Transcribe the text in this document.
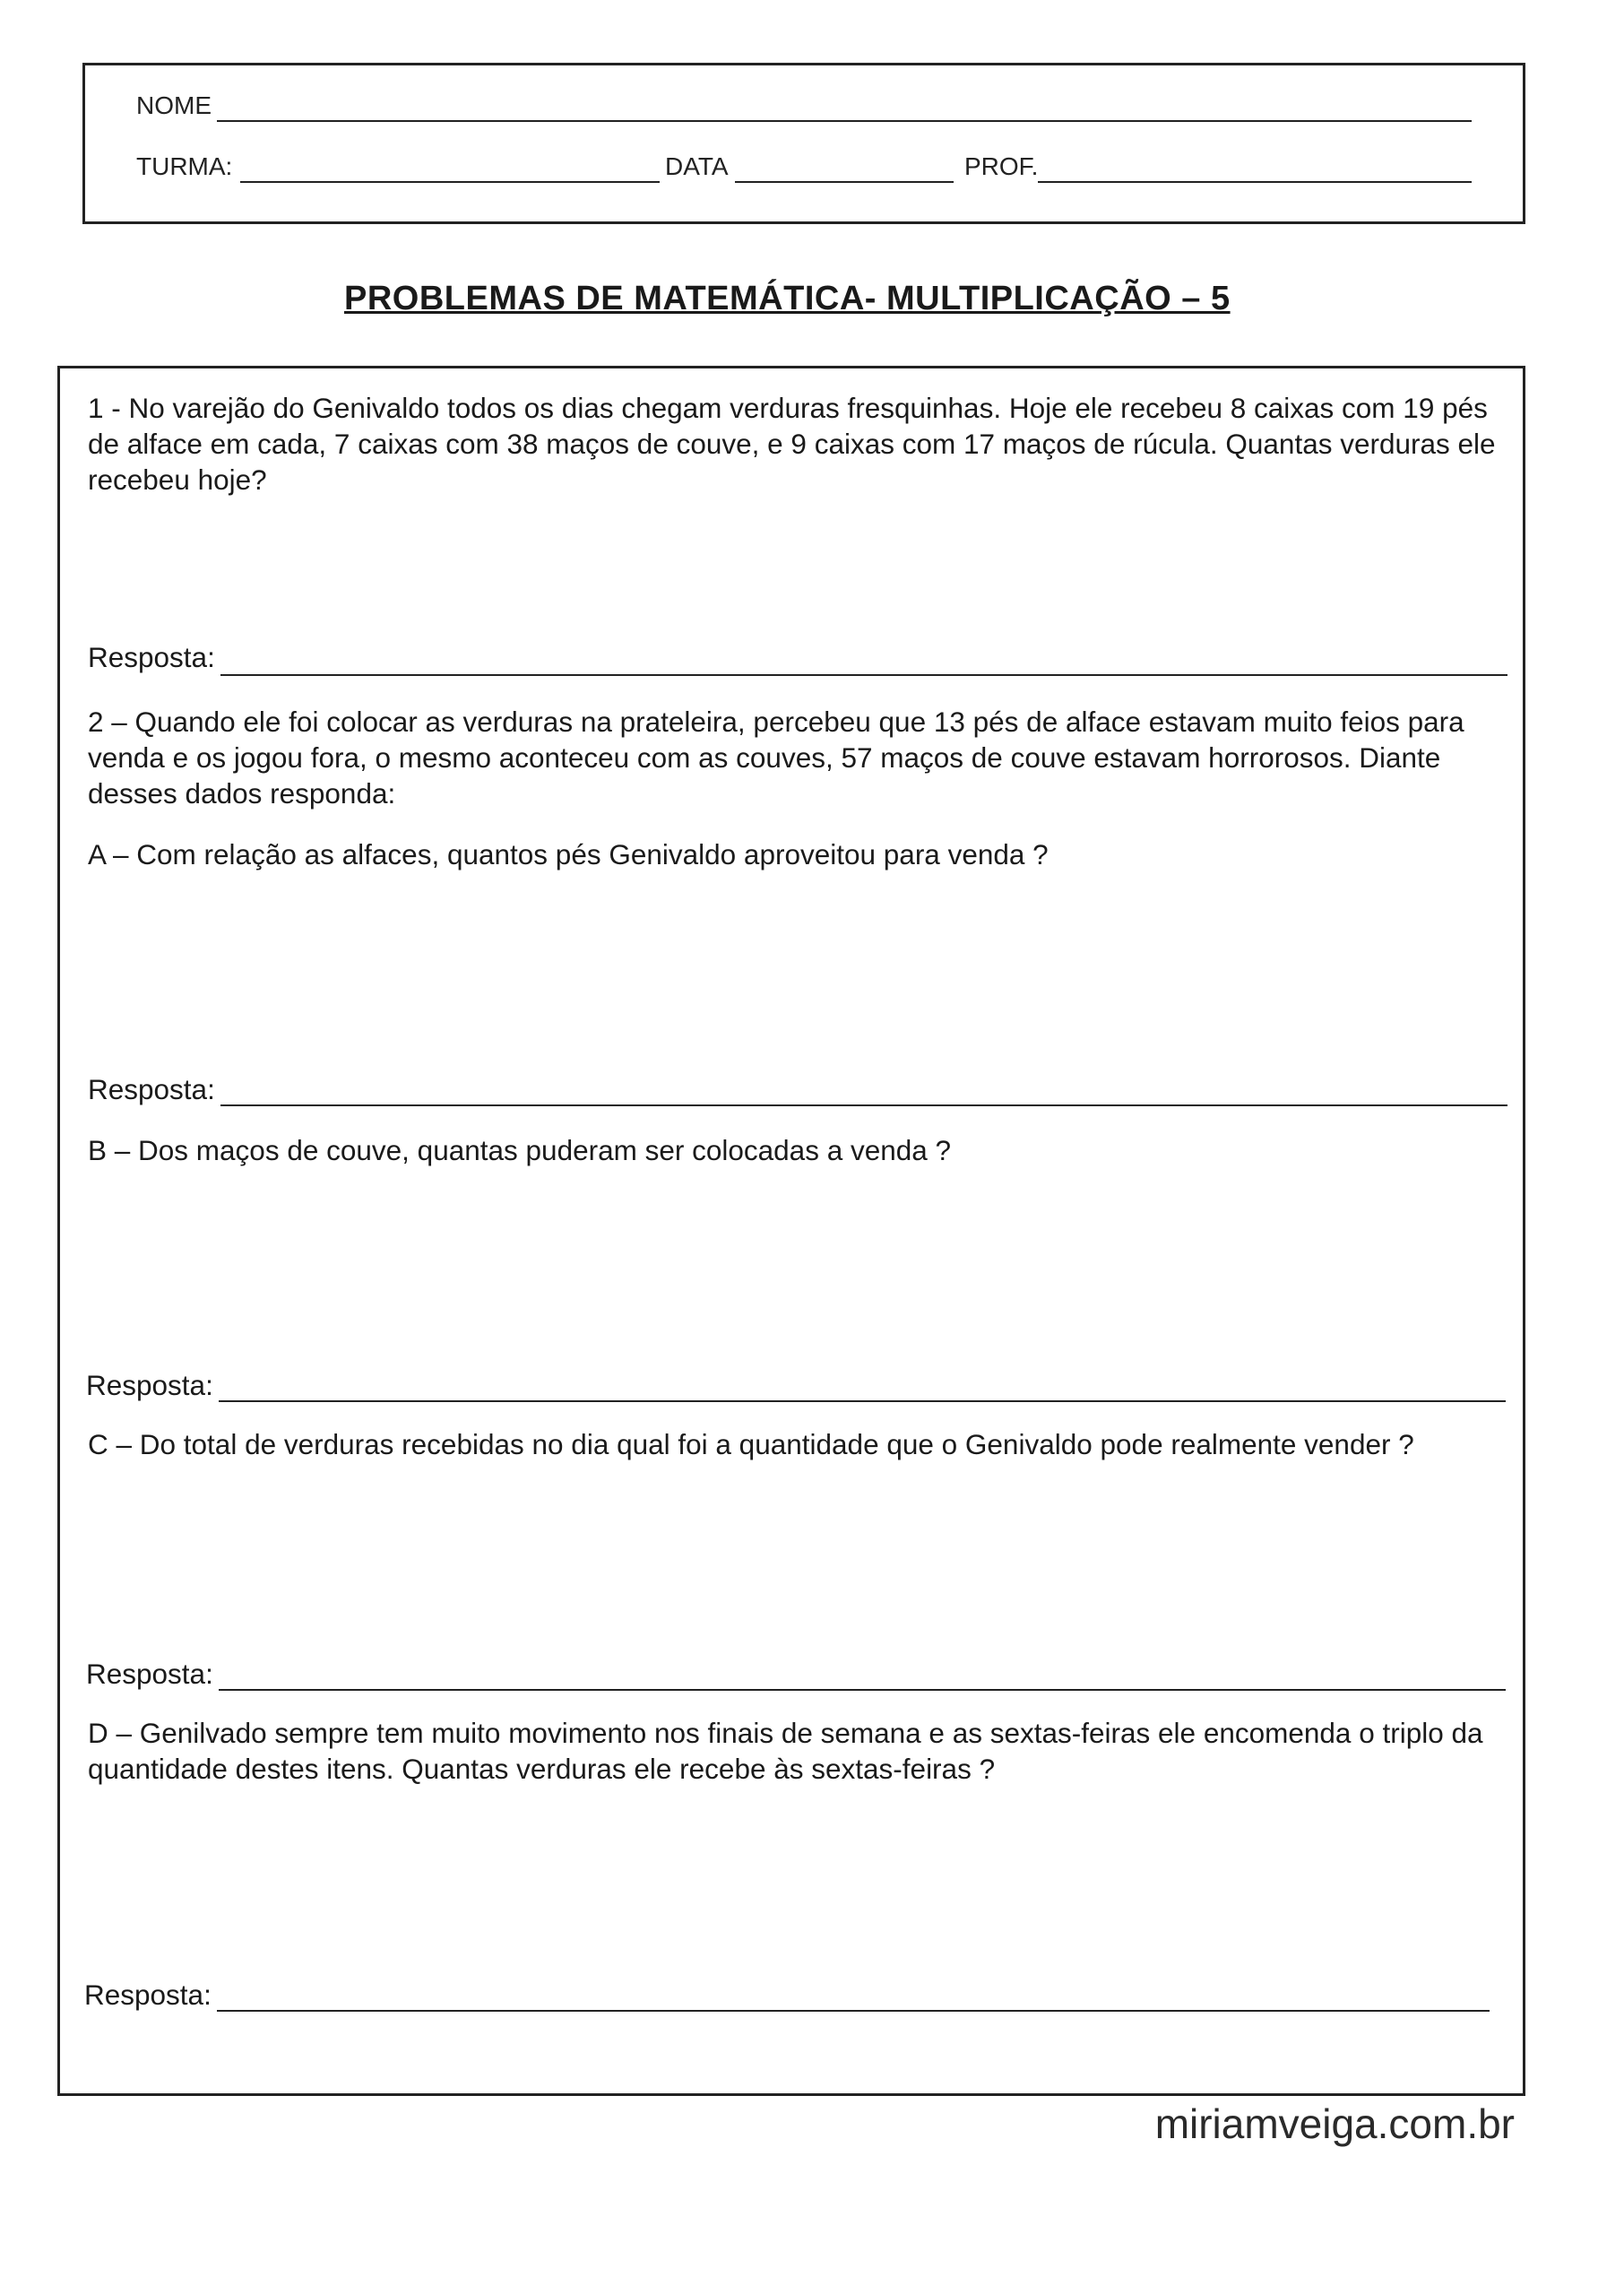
NOME
TURMA:	DATA	PROF.
PROBLEMAS DE MATEMÁTICA- MULTIPLICAÇÃO – 5
1 - No varejão do Genivaldo todos os dias chegam verduras fresquinhas. Hoje ele recebeu 8 caixas com 19 pés de alface em cada, 7 caixas com 38 maços de couve, e 9 caixas com 17 maços de rúcula. Quantas verduras ele recebeu hoje?
Resposta:
2 – Quando ele foi colocar as verduras na prateleira, percebeu que 13 pés de alface estavam muito feios para venda e os jogou fora, o mesmo aconteceu com as couves, 57 maços de couve estavam horrorosos. Diante desses dados responda:
A – Com relação as alfaces, quantos pés Genivaldo aproveitou para venda ?
Resposta:
B – Dos maços de couve, quantas puderam ser colocadas a venda ?
Resposta:
C – Do total de verduras recebidas no dia qual foi a quantidade que o Genivaldo pode realmente vender ?
Resposta:
D – Genilvado sempre tem muito movimento nos finais de semana e as sextas-feiras ele encomenda o triplo da quantidade destes itens. Quantas verduras ele recebe às sextas-feiras ?
Resposta:
miriamveiga.com.br
